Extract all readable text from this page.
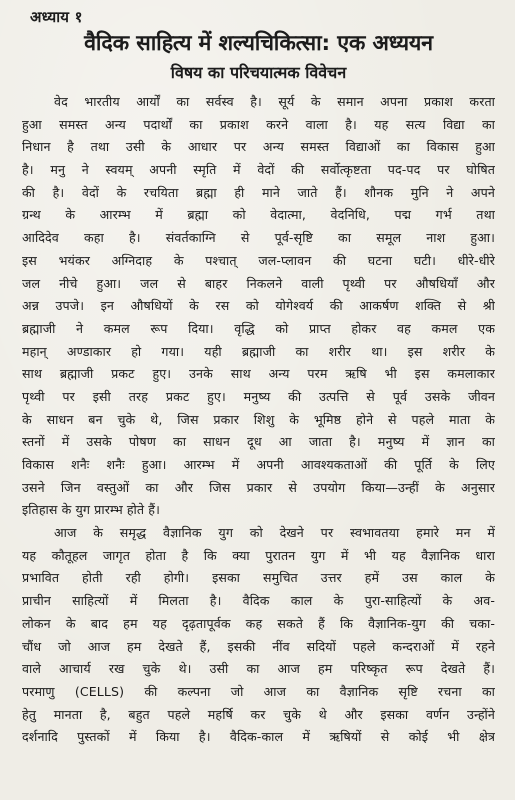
अध्याय १
वैदिक साहित्य में शल्यचिकित्सा: एक अध्ययन
विषय का परिचयात्मक विवेचन
वेद भारतीय आर्यों का सर्वस्व है। सूर्य के समान अपना प्रकाश करता
हुआ समस्त अन्य पदार्थों का प्रकाश करने वाला है। यह सत्य विद्या का
निधान है तथा उसी के आधार पर अन्य समस्त विद्याओं का विकास हुआ
है। मनु ने स्वयम् अपनी स्मृति में वेदों की सर्वोत्कृष्टता पद-पद पर घोषित
की है। वेदों के रचयिता ब्रह्मा ही माने जाते हैं। शौनक मुनि ने अपने
ग्रन्थ के आरम्भ में ब्रह्मा को वेदात्मा, वेदनिधि, पद्म गर्भ तथा
आदिदेव कहा है। संवर्तकाग्नि से पूर्व-सृष्टि का समूल नाश हुआ।
इस भयंकर अग्निदाह के पश्चात् जल-प्लावन की घटना घटी। धीरे-धीरे
जल नीचे हुआ। जल से बाहर निकलने वाली पृथ्वी पर औषधियाँ और
अन्न उपजे। इन औषधियों के रस को योगेश्वर्य की आकर्षण शक्ति से श्री
ब्रह्माजी ने कमल रूप दिया। वृद्धि को प्राप्त होकर वह कमल एक
महान् अण्डाकार हो गया। यही ब्रह्माजी का शरीर था। इस शरीर के
साथ ब्रह्माजी प्रकट हुए। उनके साथ अन्य परम ऋषि भी इस कमलाकार
पृथ्वी पर इसी तरह प्रकट हुए। मनुष्य की उत्पत्ति से पूर्व उसके जीवन
के साधन बन चुके थे, जिस प्रकार शिशु के भूमिष्ठ होने से पहले माता के
स्तनों में उसके पोषण का साधन दूध आ जाता है। मनुष्य में ज्ञान का
विकास शनैः शनैः हुआ। आरम्भ में अपनी आवश्यकताओं की पूर्ति के लिए
उसने जिन वस्तुओं का और जिस प्रकार से उपयोग किया—उन्हीं के अनुसार
इतिहास के युग प्रारम्भ होते हैं।
आज के समृद्ध वैज्ञानिक युग को देखने पर स्वभावतया हमारे मन में
यह कौतूहल जागृत होता है कि क्या पुरातन युग में भी यह वैज्ञानिक धारा
प्रभावित होती रही होगी। इसका समुचित उत्तर हमें उस काल के
प्राचीन साहित्यों में मिलता है। वैदिक काल के पुरा-साहित्यों के अव-
लोकन के बाद हम यह दृढ़तापूर्वक कह सकते हैं कि वैज्ञानिक-युग की चका-
चौंध जो आज हम देखते हैं, इसकी नींव सदियों पहले कन्दराओं में रहने
वाले आचार्य रख चुके थे। उसी का आज हम परिष्कृत रूप देखते हैं।
परमाणु (CELLS) की कल्पना जो आज का वैज्ञानिक सृष्टि रचना का
हेतु मानता है, बहुत पहले महर्षि कर चुके थे और इसका वर्णन उन्होंने
दर्शनादि पुस्तकों में किया है। वैदिक-काल में ऋषियों से कोई भी क्षेत्र
